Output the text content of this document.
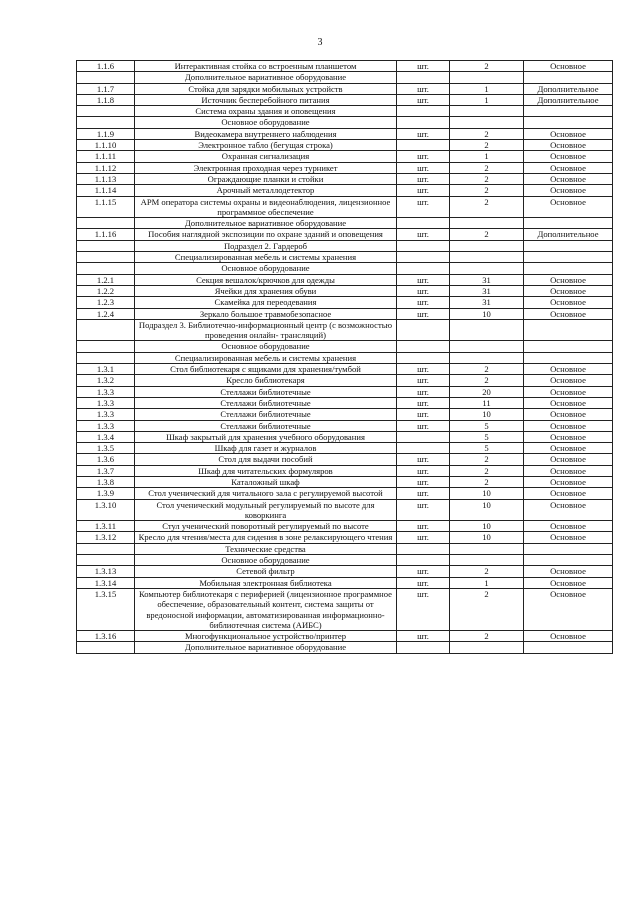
3
1.1.6	Интерактивная стойка со встроенным планшетом	шт.	2	Основное
	Дополнительное вариативное оборудование			
1.1.7	Стойка для зарядки мобильных устройств	шт.	1	Дополнительное
1.1.8	Источник бесперебойного питания	шт.	1	Дополнительное
	Система охраны здания и оповещения			
	Основное оборудование			
1.1.9	Видеокамера внутреннего наблюдения	шт.	2	Основное
1.1.10	Электронное табло (бегущая строка)		2	Основное
1.1.11	Охранная сигнализация	шт.	1	Основное
1.1.12	Электронная проходная через турникет	шт.	2	Основное
1.1.13	Ограждающие планки и стойки	шт.	2	Основное
1.1.14	Арочный металлодетектор	шт.	2	Основное
1.1.15	АРМ оператора системы охраны и видеонаблюдения, лицензионное программное обеспечение	шт.	2	Основное
	Дополнительное вариативное оборудование			
1.1.16	Пособия наглядной экспозиции по охране зданий и оповещения	шт.	2	Дополнительное
	Подраздел 2. Гардероб			
	Специализированная мебель и системы хранения			
	Основное оборудование			
1.2.1	Секция вешалок/крючков для одежды	шт.	31	Основное
1.2.2	Ячейки для хранения обуви	шт.	31	Основное
1.2.3	Скамейка для переодевания	шт.	31	Основное
1.2.4	Зеркало большое травмобезопасное	шт.	10	Основное
	Подраздел 3. Библиотечно-информационный центр (с возможностью проведения онлайн- трансляций)			
	Основное оборудование			
	Специализированная мебель и системы хранения			
1.3.1	Стол библиотекаря с ящиками для хранения/тумбой	шт.	2	Основное
1.3.2	Кресло библиотекаря	шт.	2	Основное
1.3.3	Стеллажи библиотечные	шт.	20	Основное
1.3.3	Стеллажи библиотечные	шт.	11	Основное
1.3.3	Стеллажи библиотечные	шт.	10	Основное
1.3.3	Стеллажи библиотечные	шт.	5	Основное
1.3.4	Шкаф закрытый для хранения учебного оборудования		5	Основное
1.3.5	Шкаф для газет и журналов		5	Основное
1.3.6	Стол для выдачи пособий	шт.	2	Основное
1.3.7	Шкаф для читательских формуляров	шт.	2	Основное
1.3.8	Каталожный шкаф	шт.	2	Основное
1.3.9	Стол ученический для читального зала с регулируемой высотой	шт.	10	Основное
1.3.10	Стол ученический модульный регулируемый по высоте для коворкинга	шт.	10	Основное
1.3.11	Стул ученический поворотный регулируемый по высоте	шт.	10	Основное
1.3.12	Кресло для чтения/места для сидения в зоне релаксирующего чтения	шт.	10	Основное
	Технические средства			
	Основное оборудование			
1.3.13	Сетевой фильтр	шт.	2	Основное
1.3.14	Мобильная электронная библиотека	шт.	1	Основное
1.3.15	Компьютер библиотекаря с периферией (лицензионное программное обеспечение, образовательный контент, система защиты от вредоносной информации, автоматизированная информационно-библиотечная система (АИБС)	шт.	2	Основное
1.3.16	Многофункциональное устройство/принтер	шт.	2	Основное
	Дополнительное вариативное оборудование			
